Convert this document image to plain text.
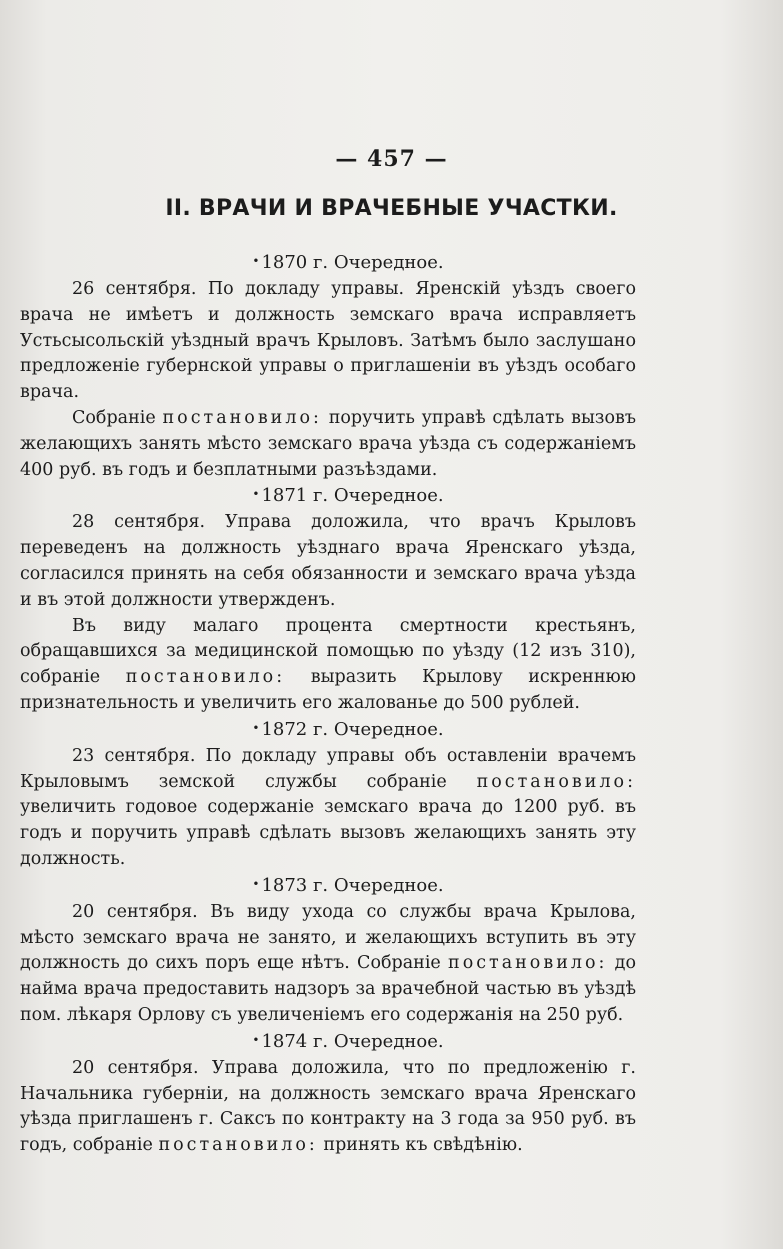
— 457 —
II. ВРАЧИ И ВРАЧЕБНЫЕ УЧАСТКИ.
• 1870 г. Очередное.

26 сентября. По докладу управы. Яренскій уѣздъ своего врача не имѣетъ и должность земскаго врача исправляетъ Устьсысольскій уѣздный врачъ Крыловъ. Затѣмъ было заслушано предложеніе губернской управы о приглашеніи въ уѣздъ особаго врача.

Собраніе постановило: поручить управѣ сдѣлать вызовъ желающихъ занять мѣсто земскаго врача уѣзда съ содержаніемъ 400 руб. въ годъ и безплатными разъѣздами.

• 1871 г. Очередное.

28 сентября. Управа доложила, что врачъ Крыловъ переведенъ на должность уѣзднаго врача Яренскаго уѣзда, согласился принять на себя обязанности и земскаго врача уѣзда и въ этой должности утвержденъ.

Въ виду малаго процента смертности крестьянъ, обращавшихся за медицинской помощью по уѣзду (12 изъ 310), собраніе постановило: выразить Крылову искреннюю признательность и увеличить его жалованье до 500 рублей.

• 1872 г. Очередное.

23 сентября. По докладу управы объ оставленіи врачемъ Крыловымъ земской службы собраніе постановило: увеличить годовое содержаніе земскаго врача до 1200 руб. въ годъ и поручить управѣ сдѣлать вызовъ желающихъ занять эту должность.

• 1873 г. Очередное.

20 сентября. Въ виду ухода со службы врача Крылова, мѣсто земскаго врача не занято, и желающихъ вступить въ эту должность до сихъ поръ еще нѣтъ. Собраніе постановило: до найма врача предоставить надзоръ за врачебной частью въ уѣздѣ пом. лѣкаря Орлову съ увеличеніемъ его содержанія на 250 руб.

• 1874 г. Очередное.

20 сентября. Управа доложила, что по предложенію г. Начальника губерніи, на должность земскаго врача Яренскаго уѣзда приглашенъ г. Саксъ по контракту на 3 года за 950 руб. въ годъ, собраніе постановило: принять къ свѣдѣнію.
